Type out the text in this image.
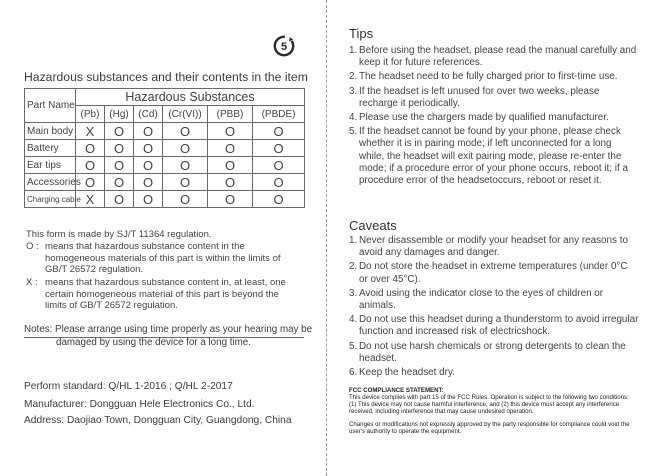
5
Hazardous substances and their contents in the item
Part Name	Hazardous Substances					
	(Pb)	(Hg)	(Cd)	(Cr(VI))	(PBB)	(PBDE)
Main body	X	O	O	O	O	O
Battery	O	O	O	O	O	O
Ear tips	O	O	O	O	O	O
Accessories	O	O	O	O	O	O
Charging cable	X	O	O	O	O	O
This form is made by SJ/T 11364 regulation.
O : means that hazardous substance content in the homogeneous materials of this part is within the limits of GB/T 26572 regulation.
X : means that hazardous substance content in, at least, one certain homogeneous material of this part is beyond the limits of GB/T 26572 regulation.
Notes: Please arrange using time properly as your hearing may be damaged by using the device for a long time.
Perform standard: Q/HL 1-2016 ; Q/HL 2-2017
Manufacturer: Dongguan Hele Electronics Co., Ltd.
Address: Daojiao Town, Dongguan City, Guangdong, China
Tips
1. Before using the headset, please read the manual carefully and keep it for future references.
2. The headset need to be fully charged prior to first-time use.
3. If the headset is left unused for over two weeks, please recharge it periodically.
4. Please use the chargers made by qualified manufacturer.
5. If the headset cannot be found by your phone, please check whether it is in pairing mode; if left unconnected for a long while, the headset will exit pairing mode, please re-enter the mode; if a procedure error of your phone occurs, reboot it; if a procedure error of the headsetoccurs, reboot or reset it.
Caveats
1. Never disassemble or modify your headset for any reasons to avoid any damages and danger.
2. Do not store the headset in extreme temperatures (under 0°C or over 45°C).
3. Avoid using the indicator close to the eyes of children or animals.
4. Do not use this headset during a thunderstorm to avoid irregular function and increased risk of electricshock.
5. Do not use harsh chemicals or strong detergents to clean the headset.
6. Keep the headset dry.
FCC COMPLIANCE STATEMENT:
This device complies with part 15 of the FCC Rules. Operation is subject to the following two conditions: (1) This device may not cause harmful interference, and (2) this device must accept any interference received, including interference that may cause undesired operation.
Changes or modifications not expressly approved by the party responsible for compliance could void the user's authority to operate the equipment.
